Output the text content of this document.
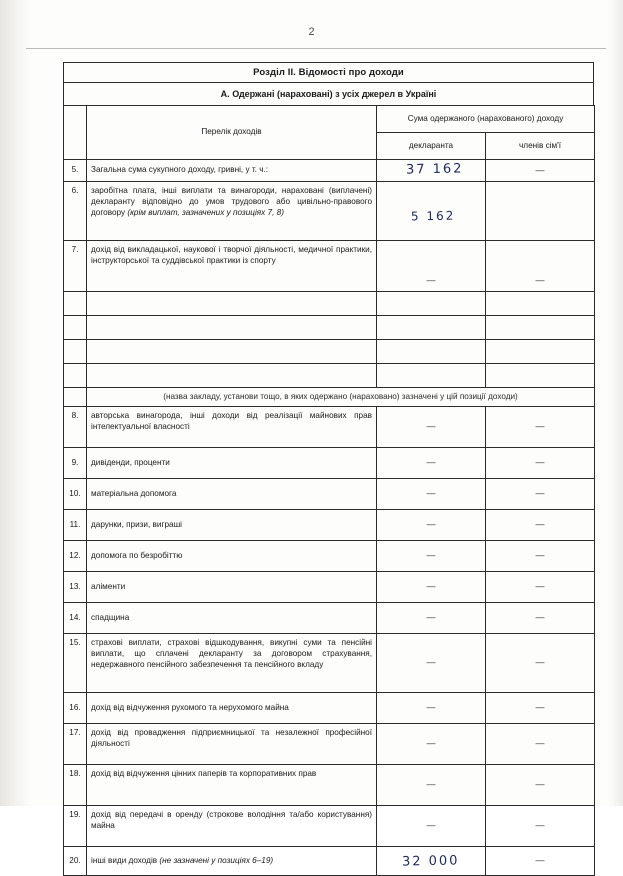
2
Розділ II. Відомості про доходи
А. Одержані (нараховані) з усіх джерел в Україні
	Перелік доходів	Сума одержаного (нарахованого) доходу	
		декларанта	членів сім'ї
5.	Загальна сума сукупного доходу, гривні, у т. ч.:	37 162	—

6.	заробітна плата, інші виплати та винагороди, нараховані (виплачені) декларанту відповідно до умов трудового або цивільно-правового договору (крім виплат, зазначених у позиціях 7, 8)	5 162	
7.	дохід від викладацької, наукової і творчої діяльності, медичної практики, інструкторської та суддівської практики із спорту	—	—

	(назва закладу, установи тощо, в яких одержано (нараховано) зазначені у цій позиції доходи)		
8.	авторська винагорода, інші доходи від реалізації майнових прав інтелектуальної власності	—	—

9.	дивіденди, проценти	—	—

10.	матеріальна допомога	—	—

11.	дарунки, призи, виграші	—	—

12.	допомога по безробіттю	—	—

13.	алiменти	—	—

14.	спадщина	—	—

15.	страхові виплати, страхові відшкодування, викупні суми та пенсійні виплати, що сплачені декларанту за договором страхування, недержавного пенсійного забезпечення та пенсійного вкладу	—	—

16.	дохід від відчуження рухомого та нерухомого майна	—	—

17.	дохід від провадження підприємницької та незалежної професійної діяльності	—	—

18.	дохід від відчуження цінних паперів та корпоративних прав	—	—

19.	дохід від передачі в оренду (строкове володіння та/або користування) майна	—	—

20.	інші види доходів (не зазначені у позиціях 6–19)	32 000	—
